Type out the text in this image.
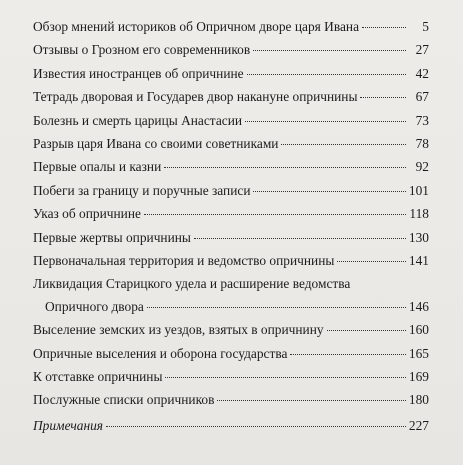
Обзор мнений историков об Опричном дворе царя Ивана	5
Отзывы о Грозном его современников	27
Известия иностранцев об опричнине	42
Тетрадь дворовая и Государев двор накануне опричнины	67
Болезнь и смерть царицы Анастасии	73
Разрыв царя Ивана со своими советниками	78
Первые опалы и казни	92
Побеги за границу и поручные записи	101
Указ об опричнине	118
Первые жертвы опричнины	130
Первоначальная территория и ведомство опричнины	141
Ликвидация Старицкого удела и расширение ведомства
Опричного двора	146
Выселение земских из уездов, взятых в опричнину	160
Опричные выселения и оборона государства	165
К отставке опричнины	169
Послужные списки опричников	180
Примечания	227
